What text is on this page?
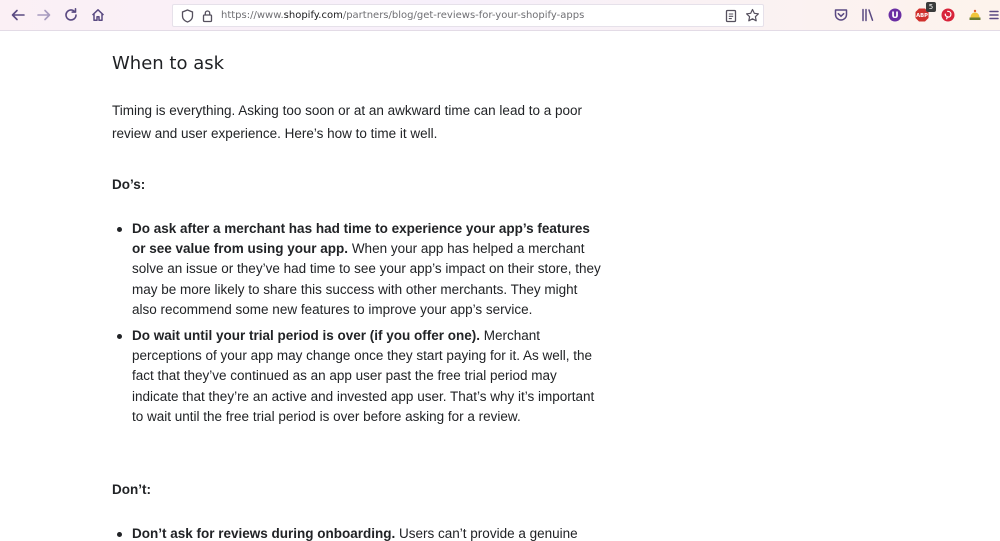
https://www.shopify.com/partners/blog/get-reviews-for-your-shopify-apps	U	ABP
5
When to ask

Timing is everything. Asking too soon or at an awkward time can lead to a poor review and user experience. Here’s how to time it well.

Do’s:
Do ask after a merchant has had time to experience your app’s features or see value from using your app. When your app has helped a merchant solve an issue or they’ve had time to see your app’s impact on their store, they may be more likely to share this success with other merchants. They might also recommend some new features to improve your app’s service.
Do wait until your trial period is over (if you offer one). Merchant perceptions of your app may change once they start paying for it. As well, the fact that they’ve continued as an app user past the free trial period may indicate that they’re an active and invested app user. That’s why it’s important to wait until the free trial period is over before asking for a review.
Don’t:
Don’t ask for reviews during onboarding. Users can’t provide a genuine
